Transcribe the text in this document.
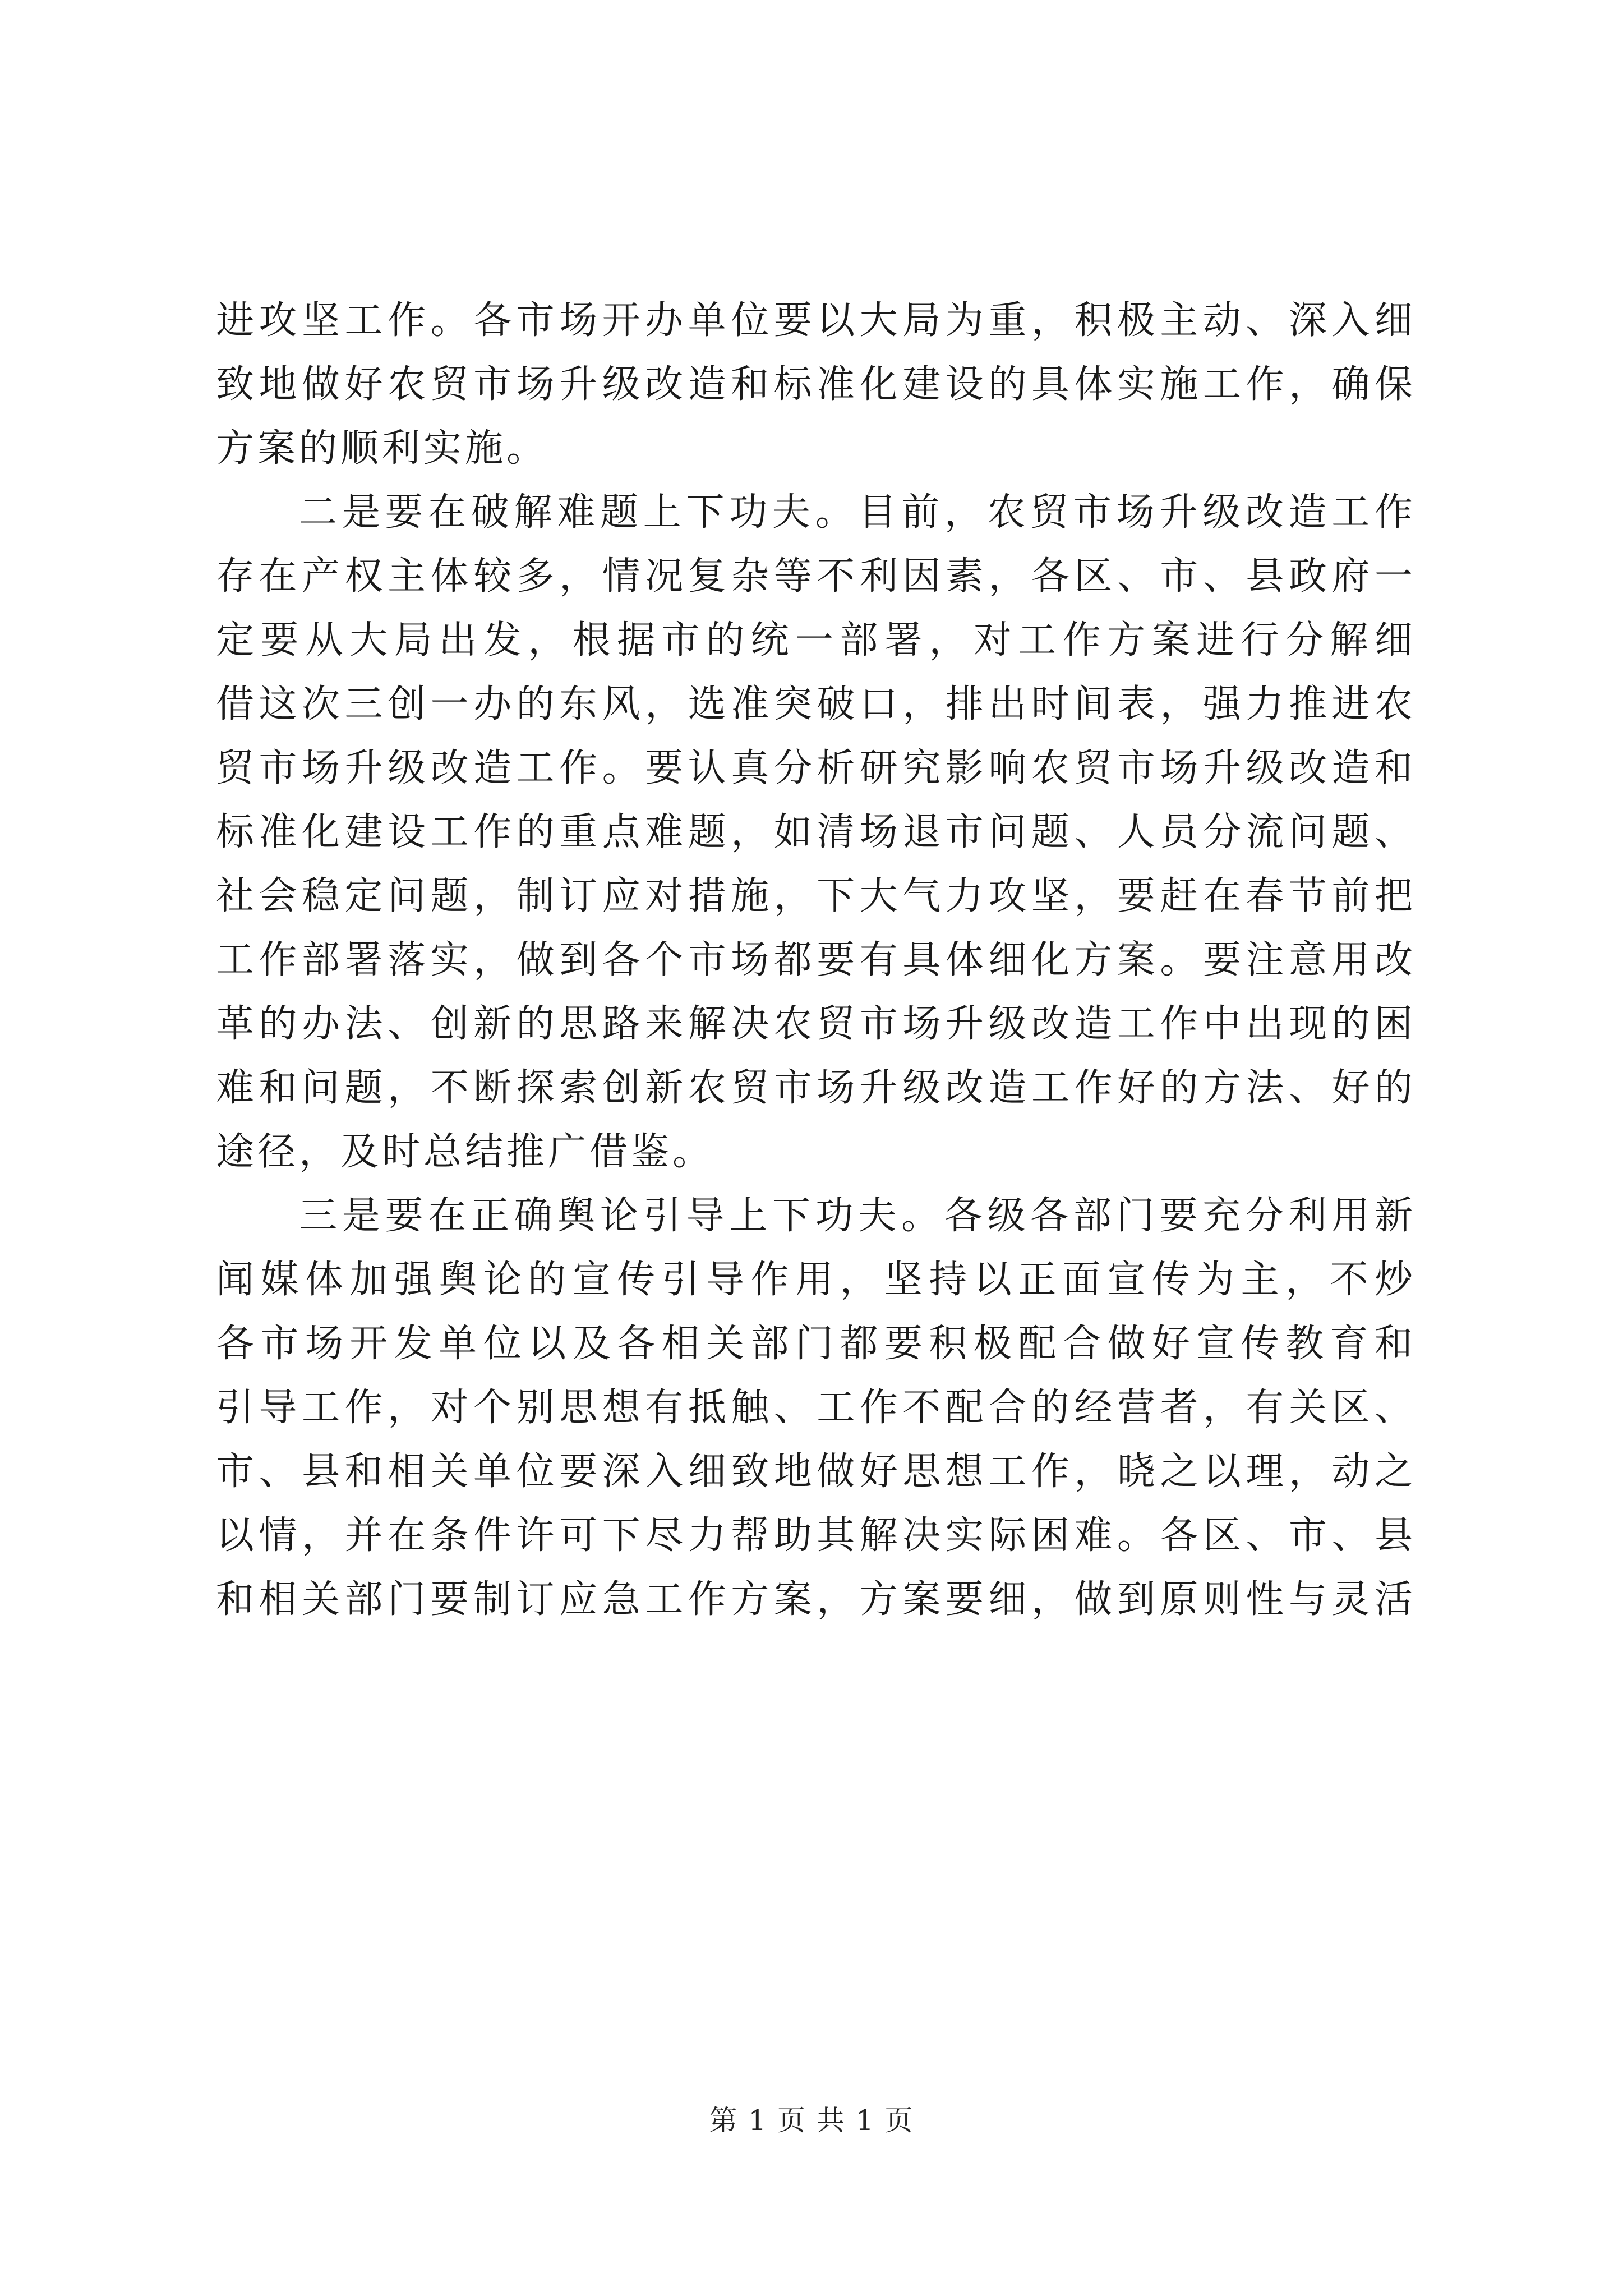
进攻坚工作。各市场开办单位要以大局为重，积极主动、深入细
致地做好农贸市场升级改造和标准化建设的具体实施工作，确保
方案的顺利实施。
二是要在破解难题上下功夫。目前，农贸市场升级改造工作
存在产权主体较多，情况复杂等不利因素，各区、市、县政府一
定要从大局出发，根据市的统一部署，对工作方案进行分解细
借这次三创一办的东风，选准突破口，排出时间表，强力推进农
贸市场升级改造工作。要认真分析研究影响农贸市场升级改造和
标准化建设工作的重点难题，如清场退市问题、人员分流问题、
社会稳定问题，制订应对措施，下大气力攻坚，要赶在春节前把
工作部署落实，做到各个市场都要有具体细化方案。要注意用改
革的办法、创新的思路来解决农贸市场升级改造工作中出现的困
难和问题，不断探索创新农贸市场升级改造工作好的方法、好的
途径，及时总结推广借鉴。
三是要在正确舆论引导上下功夫。各级各部门要充分利用新
闻媒体加强舆论的宣传引导作用，坚持以正面宣传为主，不炒
各市场开发单位以及各相关部门都要积极配合做好宣传教育和
引导工作，对个别思想有抵触、工作不配合的经营者，有关区、
市、县和相关单位要深入细致地做好思想工作，晓之以理，动之
以情，并在条件许可下尽力帮助其解决实际困难。各区、市、县
和相关部门要制订应急工作方案，方案要细，做到原则性与灵活
第 1 页 共 1 页
